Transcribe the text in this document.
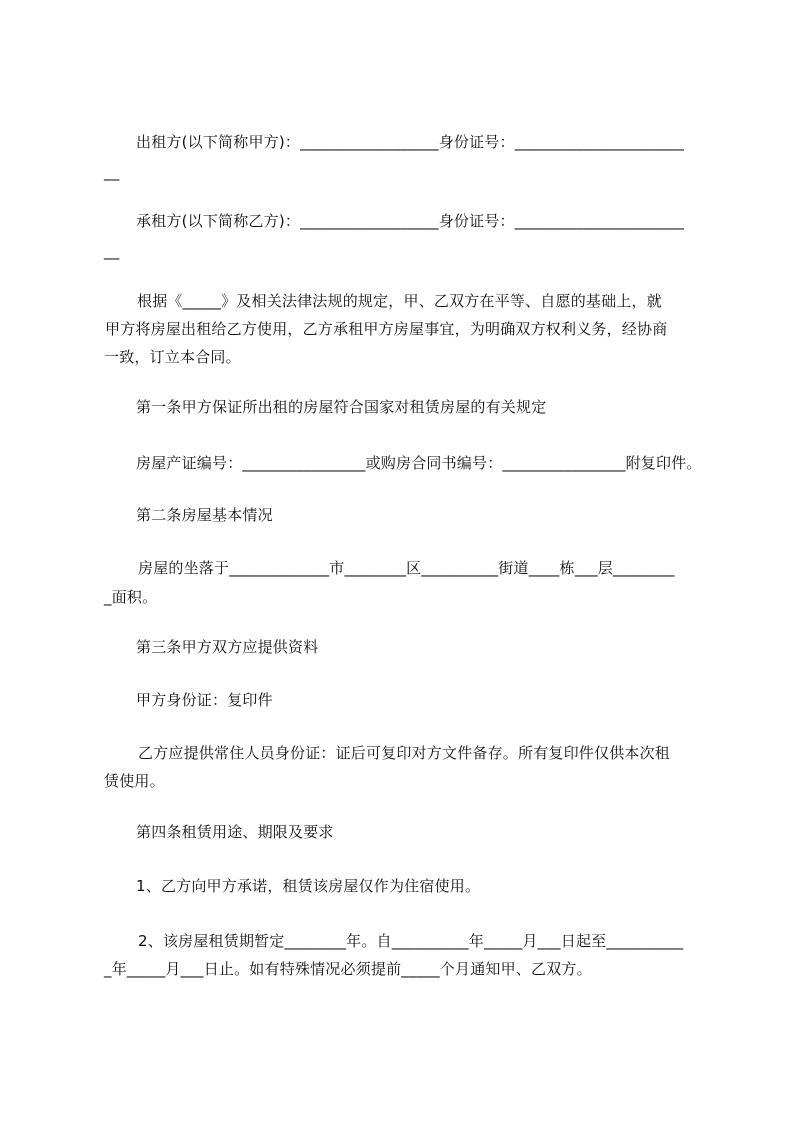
出租方(以下简称甲方)：__________________身份证号：______________________
__
承租方(以下简称乙方)：__________________身份证号：______________________
__
根据《_____》及相关法律法规的规定，甲、乙双方在平等、自愿的基础上，就
甲方将房屋出租给乙方使用，乙方承租甲方房屋事宜，为明确双方权利义务，经协商
一致，订立本合同。
第一条甲方保证所出租的房屋符合国家对租赁房屋的有关规定
房屋产证编号：________________或购房合同书编号：________________附复印件。
第二条房屋基本情况
房屋的坐落于_____________市________区__________街道____栋___层________
_面积。
第三条甲方双方应提供资料
甲方身份证：复印件
乙方应提供常住人员身份证：证后可复印对方文件备存。所有复印件仅供本次租
赁使用。
第四条租赁用途、期限及要求
1、乙方向甲方承诺，租赁该房屋仅作为住宿使用。
2、该房屋租赁期暂定________年。自__________年_____月___日起至__________
_年_____月___日止。如有特殊情况必须提前_____个月通知甲、乙双方。
